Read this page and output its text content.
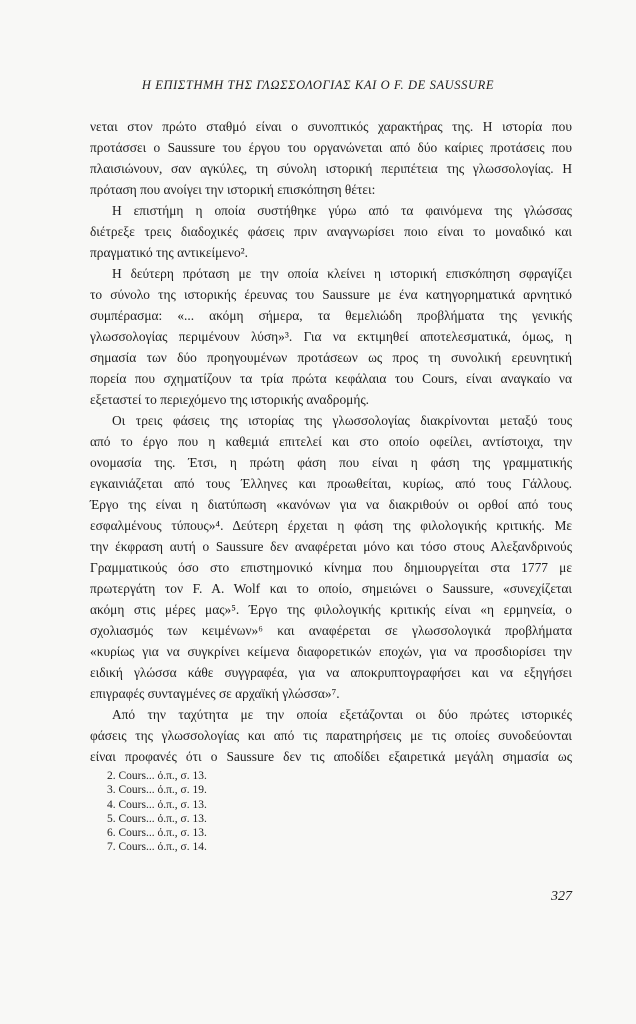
Η ΕΠΙΣΤΗΜΗ ΤΗΣ ΓΛΩΣΣΟΛΟΓΙΑΣ ΚΑΙ Ο F. DE SAUSSURE
νεται στον πρώτο σταθμό είναι ο συνοπτικός χαρακτήρας της. Η ιστορία που
προτάσσει ο Saussure του έργου του οργανώνεται από δύο καίριες προτάσεις που
πλαισιώνουν, σαν αγκύλες, τη σύνολη ιστορική περιπέτεια της γλωσσολογίας. Η
πρόταση που ανοίγει την ιστορική επισκόπηση θέτει:
Η επιστήμη η οποία συστήθηκε γύρω από τα φαινόμενα της γλώσσας
διέτρεξε τρεις διαδοχικές φάσεις πριν αναγνωρίσει ποιο είναι το μοναδικό και
πραγματικό της αντικείμενο².
Η δεύτερη πρόταση με την οποία κλείνει η ιστορική επισκόπηση σφραγίζει
το σύνολο της ιστορικής έρευνας του Saussure με ένα κατηγορηματικά αρνητικό
συμπέρασμα: «... ακόμη σήμερα, τα θεμελιώδη προβλήματα της γενικής
γλωσσολογίας περιμένουν λύση»³. Για να εκτιμηθεί αποτελεσματικά, όμως, η
σημασία των δύο προηγουμένων προτάσεων ως προς τη συνολική ερευνητική
πορεία που σχηματίζουν τα τρία πρώτα κεφάλαια του Cours, είναι αναγκαίο να
εξεταστεί το περιεχόμενο της ιστορικής αναδρομής.
Οι τρεις φάσεις της ιστορίας της γλωσσολογίας διακρίνονται μεταξύ τους
από το έργο που η καθεμιά επιτελεί και στο οποίο οφείλει, αντίστοιχα, την
ονομασία της. Έτσι, η πρώτη φάση που είναι η φάση της γραμματικής
εγκαινιάζεται από τους Έλληνες και προωθείται, κυρίως, από τους Γάλλους.
Έργο της είναι η διατύπωση «κανόνων για να διακριθούν οι ορθοί από τους
εσφαλμένους τύπους»⁴. Δεύτερη έρχεται η φάση της φιλολογικής κριτικής. Με
την έκφραση αυτή ο Saussure δεν αναφέρεται μόνο και τόσο στους Αλεξανδρινούς
Γραμματικούς όσο στο επιστημονικό κίνημα που δημιουργείται στα 1777 με
πρωτεργάτη τον F. A. Wolf και το οποίο, σημειώνει ο Saussure, «συνεχίζεται
ακόμη στις μέρες μας»⁵. Έργο της φιλολογικής κριτικής είναι «η ερμηνεία, ο
σχολιασμός των κειμένων»⁶ και αναφέρεται σε γλωσσολογικά προβλήματα
«κυρίως για να συγκρίνει κείμενα διαφορετικών εποχών, για να προσδιορίσει την
ειδική γλώσσα κάθε συγγραφέα, για να αποκρυπτογραφήσει και να εξηγήσει
επιγραφές συνταγμένες σε αρχαϊκή γλώσσα»⁷.
Από την ταχύτητα με την οποία εξετάζονται οι δύο πρώτες ιστορικές
φάσεις της γλωσσολογίας και από τις παρατηρήσεις με τις οποίες συνοδεύονται
είναι προφανές ότι ο Saussure δεν τις αποδίδει εξαιρετικά μεγάλη σημασία ως
2. Cours... ό.π., σ. 13.
3. Cours... ό.π., σ. 19.
4. Cours... ό.π., σ. 13.
5. Cours... ό.π., σ. 13.
6. Cours... ό.π., σ. 13.
7. Cours... ό.π., σ. 14.
327
